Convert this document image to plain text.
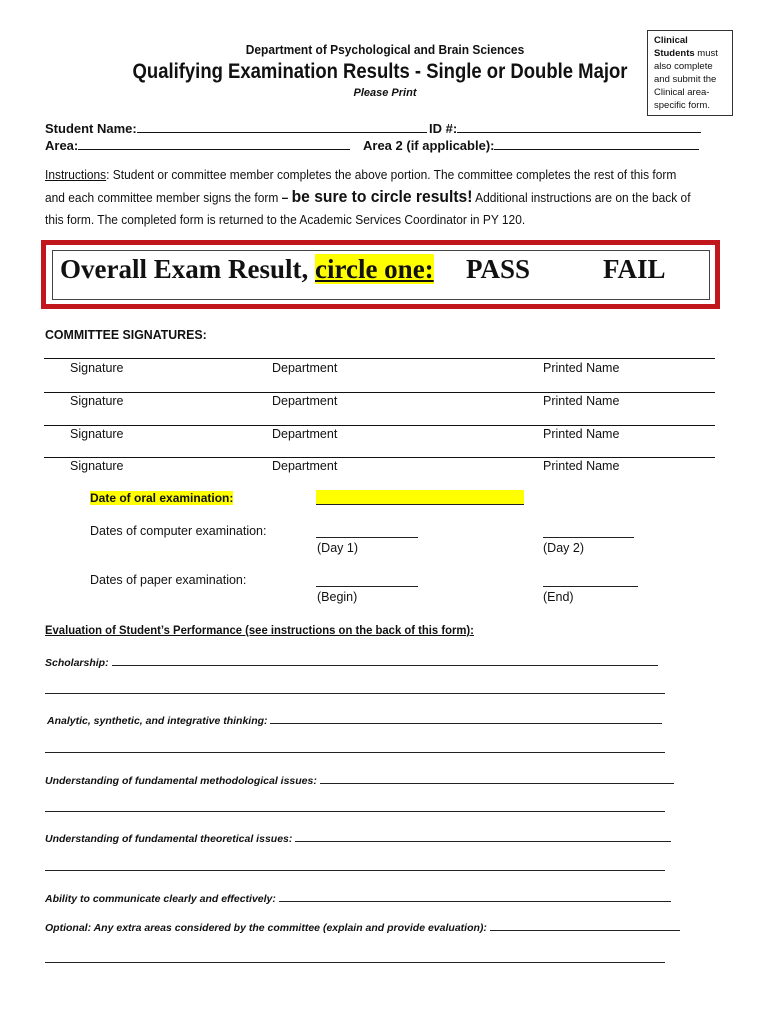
Department of Psychological and Brain Sciences
Qualifying Examination Results - Single or Double Major
Please Print
Clinical Students must also complete and submit the Clinical area-specific form.
Student Name:	ID #:
Area:	Area 2 (if applicable):
Instructions: Student or committee member completes the above portion. The committee completes the rest of this form
and each committee member signs the form – be sure to circle results! Additional instructions are on the back of
this form. The completed form is returned to the Academic Services Coordinator in PY 120.
Overall Exam Result, circle one: PASS	FAIL
COMMITTEE SIGNATURES:
Signature	Department	Printed Name
Signature	Department	Printed Name
Signature	Department	Printed Name
Signature	Department	Printed Name
Date of oral examination:
Dates of computer examination:
(Day 1)	(Day 2)
Dates of paper examination:
(Begin)	(End)
Evaluation of Student’s Performance (see instructions on the back of this form):
Scholarship:
Analytic, synthetic, and integrative thinking:
Understanding of fundamental methodological issues:
Understanding of fundamental theoretical issues:
Ability to communicate clearly and effectively:
Optional: Any extra areas considered by the committee (explain and provide evaluation):
